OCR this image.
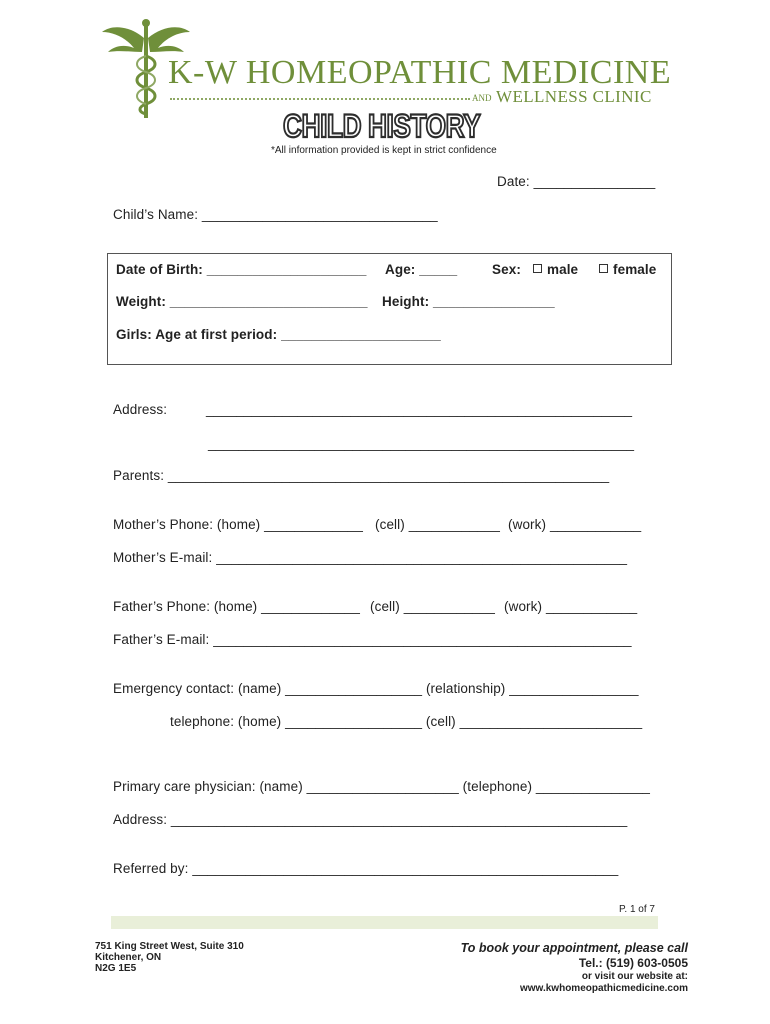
K-W HOMEOPATHIC MEDICINE
AND WELLNESS CLINIC
CHILD HISTORY
*All information provided is kept in strict confidence
Date: ________________
Child’s Name: _______________________________
Date of Birth: _____________________ Age: _____	Sex:	male	female
Weight: __________________________ Height: ________________
Girls: Age at first period: _____________________
Address:	________________________________________________________
________________________________________________________
Parents: __________________________________________________________
Mother’s Phone: (home) _____________ (cell) ____________ (work) ____________
Mother’s E-mail: ______________________________________________________
Father’s Phone: (home) _____________ (cell) ____________ (work) ____________
Father’s E-mail: _______________________________________________________
Emergency contact: (name) __________________ (relationship) _________________
telephone: (home) __________________ (cell) ________________________
Primary care physician: (name) ____________________ (telephone) _______________
Address: ____________________________________________________________
Referred by: ________________________________________________________
P. 1 of 7
751 King Street West, Suite 310
Kitchener, ON
N2G 1E5
To book your appointment, please call
Tel.: (519) 603-0505
or visit our website at:
www.kwhomeopathicmedicine.com
